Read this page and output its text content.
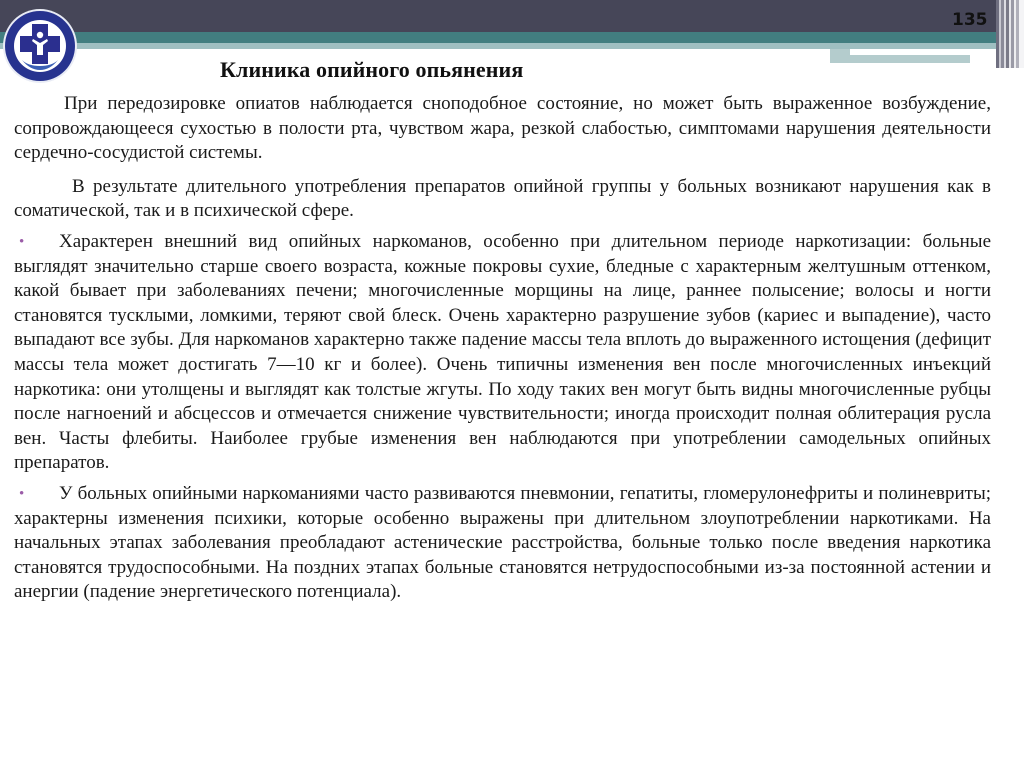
135
Клиника опийного опьянения

При передозировке опиатов наблюдается сноподобное состояние, но может быть выраженное возбуждение, сопровождающееся сухостью в полости рта, чувством жара, резкой слабостью, симптомами нарушения деятельности сердечно-сосудистой системы.

В результате длительного употребления препаратов опийной группы у больных возникают нарушения как в соматической, так и в психической сфере.

• Характерен внешний вид опийных наркоманов, особенно при длительном периоде наркотизации: больные выглядят значительно старше своего возраста, кожные покровы сухие, бледные с характерным желтушным оттенком, какой бывает при заболеваниях печени; многочисленные морщины на лице, раннее полысение; волосы и ногти становятся тусклыми, ломкими, теряют свой блеск. Очень характерно разрушение зубов (кариес и выпадение), часто выпадают все зубы. Для наркоманов характерно также падение массы тела вплоть до выраженного истощения (дефицит массы тела может достигать 7—10 кг и более). Очень типичны изменения вен после многочисленных инъекций наркотика: они утолщены и выглядят как толстые жгуты. По ходу таких вен могут быть видны многочисленные рубцы после нагноений и абсцессов и отмечается снижение чувствительности; иногда происходит полная облитерация русла вен. Часты флебиты. Наиболее грубые изменения вен наблюдаются при употреблении самодельных опийных препаратов.
• У больных опийными наркоманиями часто развиваются пневмонии, гепатиты, гломерулонефриты и полиневриты; характерны изменения психики, которые особенно выражены при длительном злоупотреблении наркотиками. На начальных этапах заболевания преобладают астенические расстройства, больные только после введения наркотика становятся трудоспособными. На поздних этапах больные становятся нетрудоспособными из-за постоянной астении и анергии (падение энергетического потенциала).
